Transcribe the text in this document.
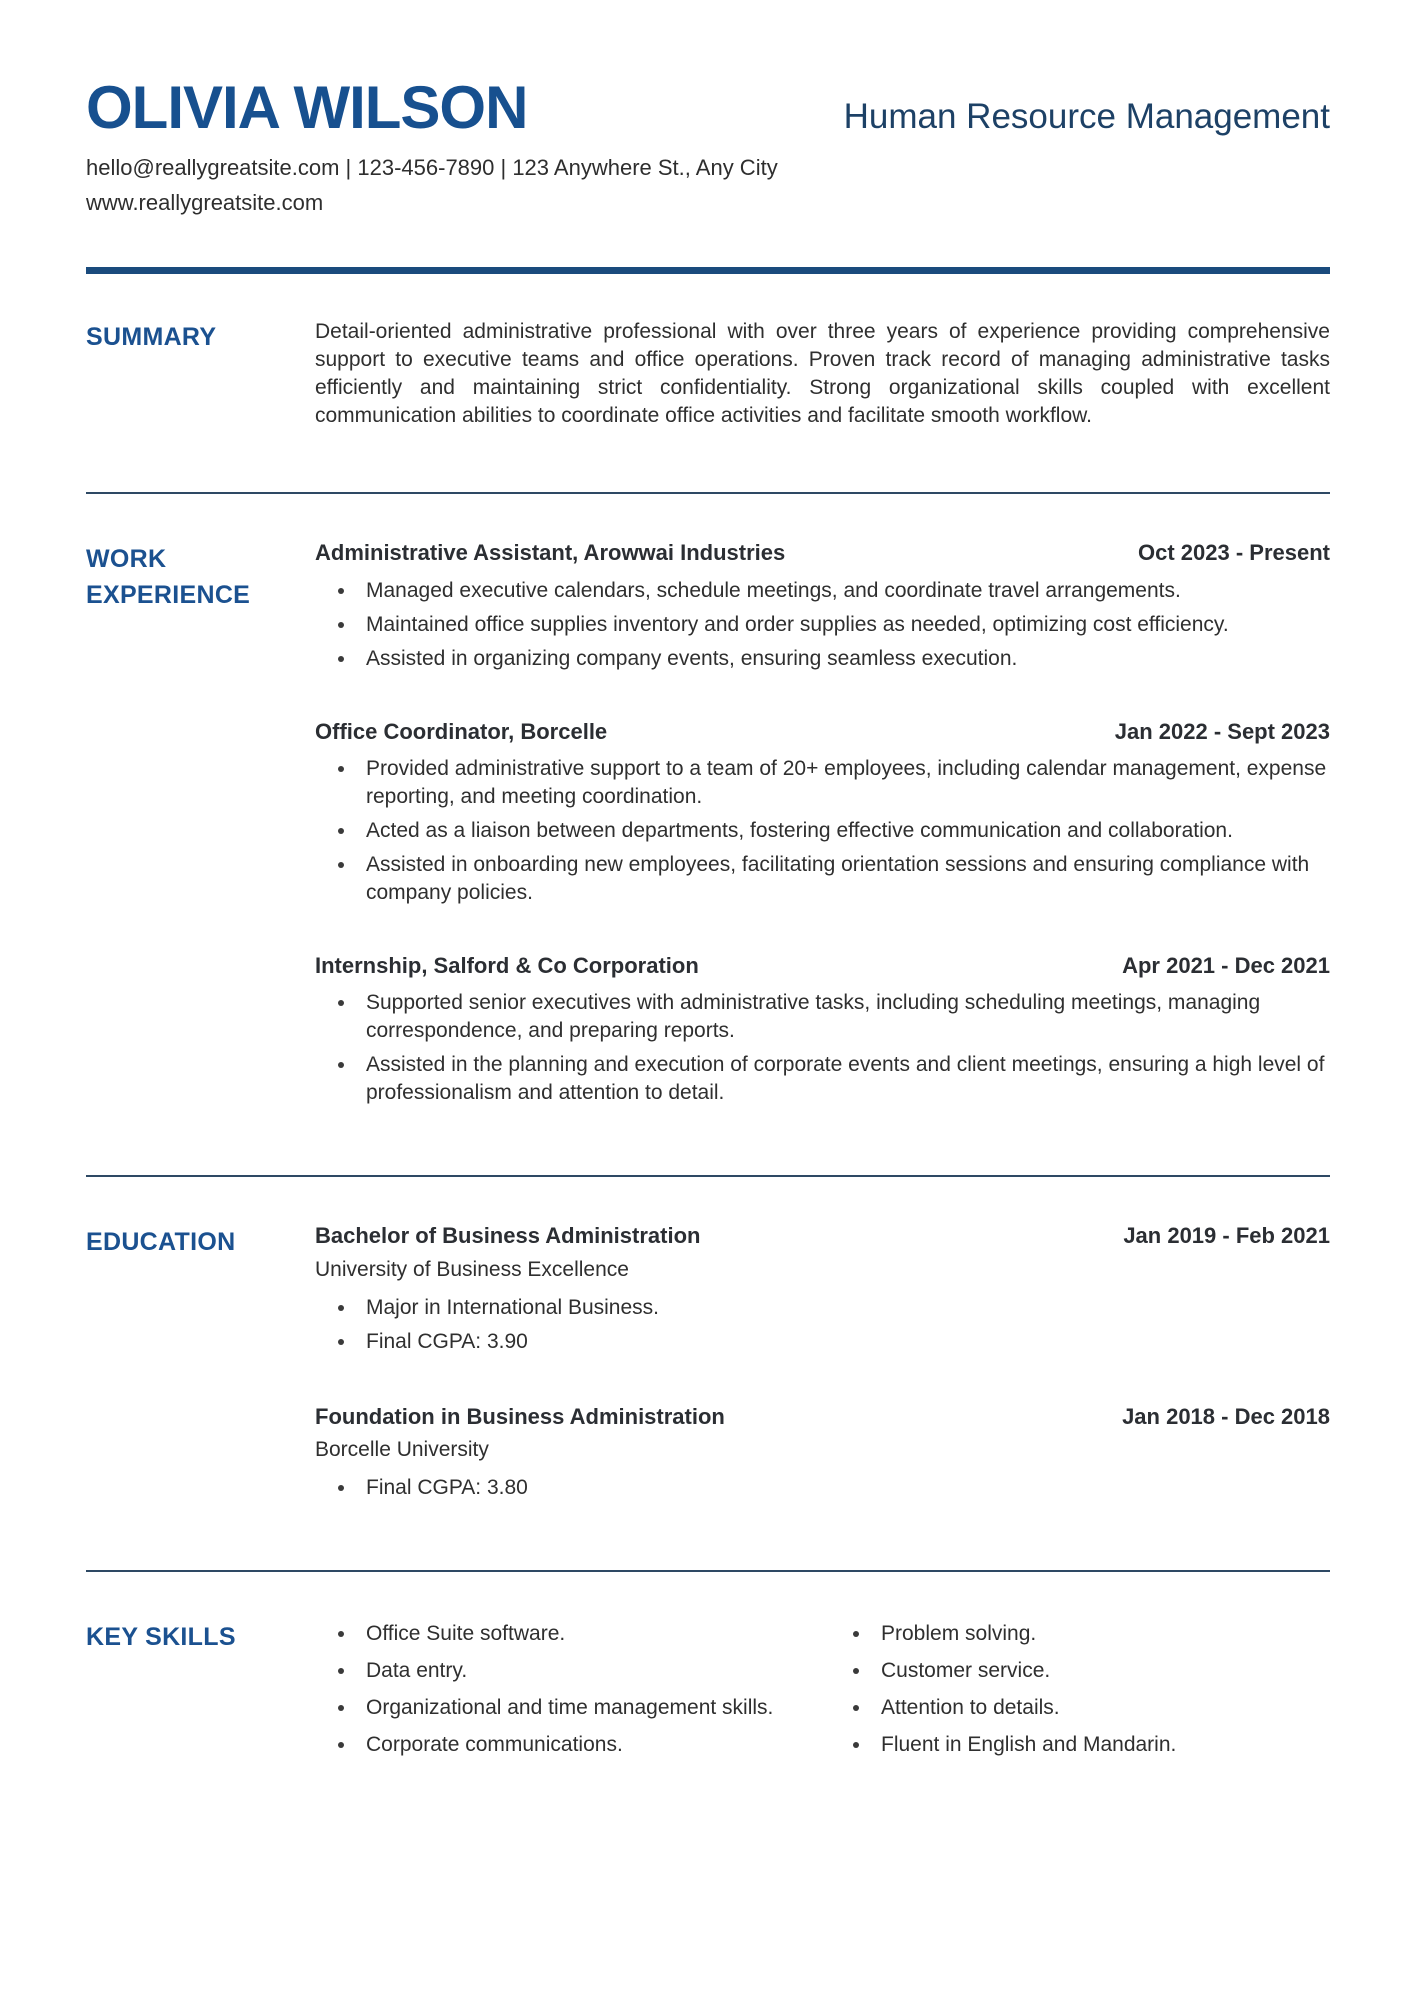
OLIVIA WILSON	Human Resource Management
hello@reallygreatsite.com | 123-456-7890 | 123 Anywhere St., Any City
www.reallygreatsite.com
SUMMARY	Detail-oriented administrative professional with over three years of experience providing comprehensive support to executive teams and office operations. Proven track record of managing administrative tasks efficiently and maintaining strict confidentiality. Strong organizational skills coupled with excellent communication abilities to coordinate office activities and facilitate smooth workflow.

WORK EXPERIENCE
Administrative Assistant, Arowwai Industries	Oct 2023 - Present
Managed executive calendars, schedule meetings, and coordinate travel arrangements.
Maintained office supplies inventory and order supplies as needed, optimizing cost efficiency.
Assisted in organizing company events, ensuring seamless execution.
Office Coordinator, Borcelle	Jan 2022 - Sept 2023
Provided administrative support to a team of 20+ employees, including calendar management, expense reporting, and meeting coordination.
Acted as a liaison between departments, fostering effective communication and collaboration.
Assisted in onboarding new employees, facilitating orientation sessions and ensuring compliance with company policies.
Internship, Salford & Co Corporation	Apr 2021 - Dec 2021
Supported senior executives with administrative tasks, including scheduling meetings, managing correspondence, and preparing reports.
Assisted in the planning and execution of corporate events and client meetings, ensuring a high level of professionalism and attention to detail.
EDUCATION	Bachelor of Business Administration	Jan 2019 - Feb 2021
University of Business Excellence
Major in International Business.
Final CGPA: 3.90
Foundation in Business Administration	Jan 2018 - Dec 2018
Borcelle University
Final CGPA: 3.80
KEY SKILLS	Office Suite software.
Data entry.
Organizational and time management skills.
Corporate communications.
Problem solving.
Customer service.
Attention to details.
Fluent in English and Mandarin.
